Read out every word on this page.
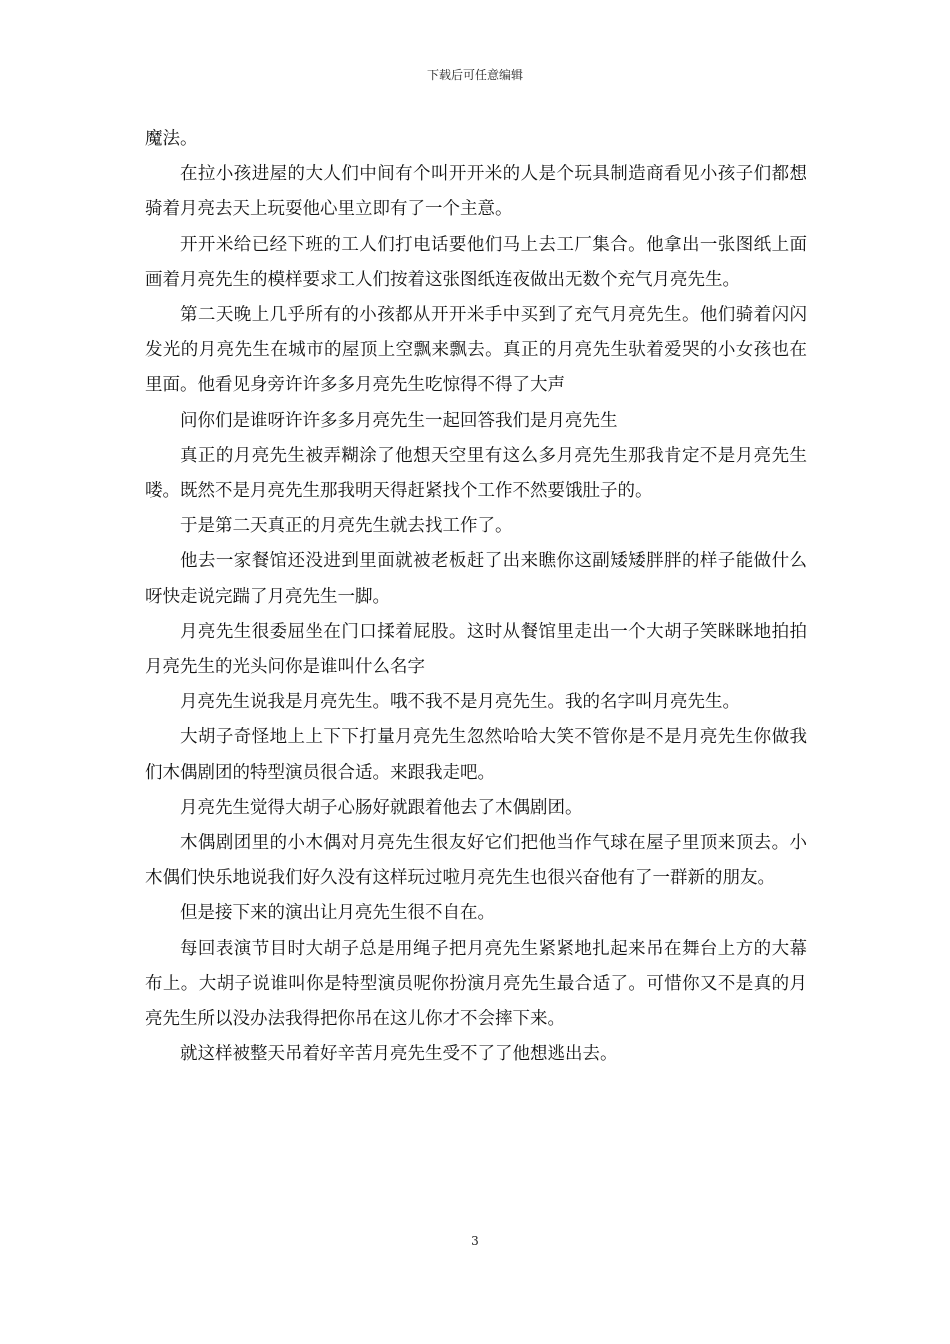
下载后可任意编辑

魔法。

在拉小孩进屋的大人们中间有个叫开开米的人是个玩具制造商看见小孩子们都想骑着月亮去天上玩耍他心里立即有了一个主意。

开开米给已经下班的工人们打电话要他们马上去工厂集合。他拿出一张图纸上面画着月亮先生的模样要求工人们按着这张图纸连夜做出无数个充气月亮先生。

第二天晚上几乎所有的小孩都从开开米手中买到了充气月亮先生。他们骑着闪闪发光的月亮先生在城市的屋顶上空飘来飘去。真正的月亮先生驮着爱哭的小女孩也在里面。他看见身旁许许多多月亮先生吃惊得不得了大声

问你们是谁呀许许多多月亮先生一起回答我们是月亮先生

真正的月亮先生被弄糊涂了他想天空里有这么多月亮先生那我肯定不是月亮先生喽。既然不是月亮先生那我明天得赶紧找个工作不然要饿肚子的。

于是第二天真正的月亮先生就去找工作了。

他去一家餐馆还没进到里面就被老板赶了出来瞧你这副矮矮胖胖的样子能做什么呀快走说完踹了月亮先生一脚。

月亮先生很委屈坐在门口揉着屁股。这时从餐馆里走出一个大胡子笑眯眯地拍拍月亮先生的光头问你是谁叫什么名字

月亮先生说我是月亮先生。哦不我不是月亮先生。我的名字叫月亮先生。

大胡子奇怪地上上下下打量月亮先生忽然哈哈大笑不管你是不是月亮先生你做我们木偶剧团的特型演员很合适。来跟我走吧。

月亮先生觉得大胡子心肠好就跟着他去了木偶剧团。

木偶剧团里的小木偶对月亮先生很友好它们把他当作气球在屋子里顶来顶去。小木偶们快乐地说我们好久没有这样玩过啦月亮先生也很兴奋他有了一群新的朋友。

但是接下来的演出让月亮先生很不自在。

每回表演节目时大胡子总是用绳子把月亮先生紧紧地扎起来吊在舞台上方的大幕布上。大胡子说谁叫你是特型演员呢你扮演月亮先生最合适了。可惜你又不是真的月亮先生所以没办法我得把你吊在这儿你才不会摔下来。

就这样被整天吊着好辛苦月亮先生受不了了他想逃出去。

3
